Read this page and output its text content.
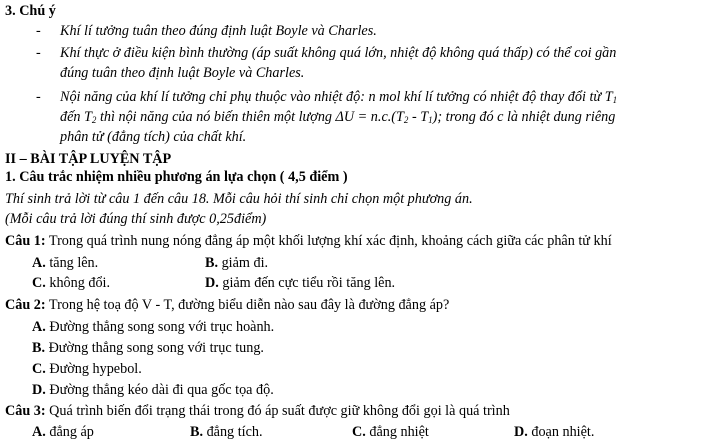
3. Chú ý
- Khí lí tưởng tuân theo đúng định luật Boyle và Charles.
- Khí thực ở điều kiện bình thường (áp suất không quá lớn, nhiệt độ không quá thấp) có thể coi gần
đúng tuân theo định luật Boyle và Charles.
- Nội năng của khí lí tưởng chỉ phụ thuộc vào nhiệt độ: n mol khí lí tưởng có nhiệt độ thay đổi từ $T_1$
đến $T_2$ thì nội năng của nó biến thiên một lượng $\Delta U = n.c.(T_2 - T_1)$; trong đó c là nhiệt dung riêng
phân tử (đẳng tích) của chất khí.
II – BÀI TẬP LUYỆN TẬP
1. Câu trắc nhiệm nhiều phương án lựa chọn ( 4,5 điểm )
Thí sinh trả lời từ câu 1 đến câu 18. Mỗi câu hỏi thí sinh chỉ chọn một phương án.
(Mỗi câu trả lời đúng thí sinh được 0,25điểm)
Câu 1: Trong quá trình nung nóng đẳng áp một khối lượng khí xác định, khoảng cách giữa các phân tử khí
A. tăng lên.	B. giảm đi.
C. không đổi.	D. giảm đến cực tiểu rồi tăng lên.
Câu 2: Trong hệ toạ độ V - T, đường biểu diễn nào sau đây là đường đẳng áp?
A. Đường thẳng song song với trục hoành.
B. Đường thẳng song song với trục tung.
C. Đường hypebol.
D. Đường thẳng kéo dài đi qua gốc tọa độ.
Câu 3: Quá trình biến đổi trạng thái trong đó áp suất được giữ không đổi gọi là quá trình
A. đẳng áp	B. đẳng tích.	C. đẳng nhiệt	D. đoạn nhiệt.
